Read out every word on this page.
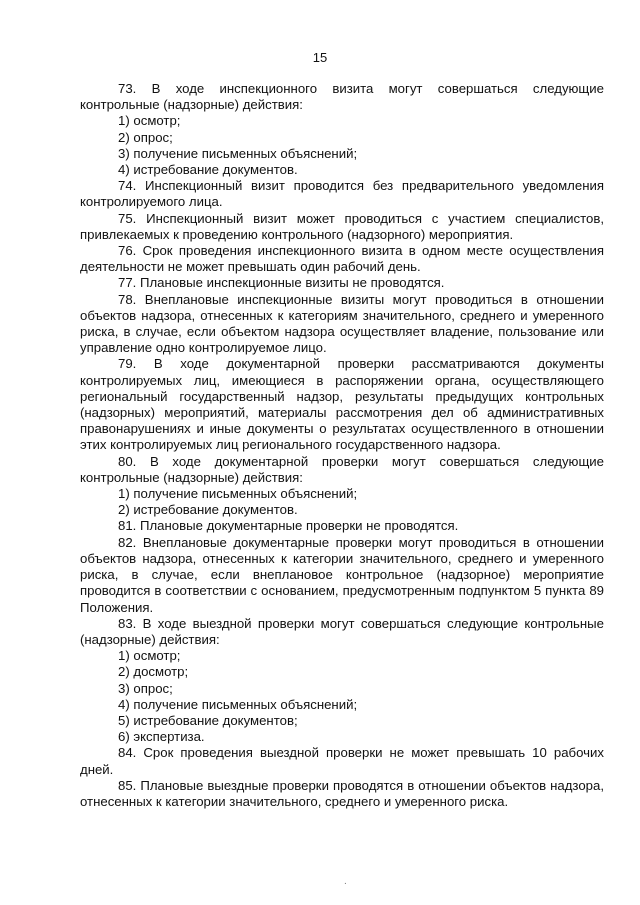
15

73. В ходе инспекционного визита могут совершаться следующие контрольные (надзорные) действия:

1) осмотр;

2) опрос;

3) получение письменных объяснений;

4) истребование документов.

74. Инспекционный визит проводится без предварительного уведомления контролируемого лица.

75. Инспекционный визит может проводиться с участием специалистов, привлекаемых к проведению контрольного (надзорного) мероприятия.

76. Срок проведения инспекционного визита в одном месте осуществления деятельности не может превышать один рабочий день.

77. Плановые инспекционные визиты не проводятся.

78. Внеплановые инспекционные визиты могут проводиться в отношении объектов надзора, отнесенных к категориям значительного, среднего и умеренного риска, в случае, если объектом надзора осуществляет владение, пользование или управление одно контролируемое лицо.

79. В ходе документарной проверки рассматриваются документы контролируемых лиц, имеющиеся в распоряжении органа, осуществляющего региональный государственный надзор, результаты предыдущих контрольных (надзорных) мероприятий, материалы рассмотрения дел об административных правонарушениях и иные документы о результатах осуществленного в отношении этих контролируемых лиц регионального государственного надзора.

80. В ходе документарной проверки могут совершаться следующие контрольные (надзорные) действия:

1) получение письменных объяснений;

2) истребование документов.

81. Плановые документарные проверки не проводятся.

82. Внеплановые документарные проверки могут проводиться в отношении объектов надзора, отнесенных к категории значительного, среднего и умеренного риска, в случае, если внеплановое контрольное (надзорное) мероприятие проводится в соответствии с основанием, предусмотренным подпунктом 5 пункта 89 Положения.

83. В ходе выездной проверки могут совершаться следующие контрольные (надзорные) действия:

1) осмотр;

2) досмотр;

3) опрос;

4) получение письменных объяснений;

5) истребование документов;

6) экспертиза.

84. Срок проведения выездной проверки не может превышать 10 рабочих дней.

85. Плановые выездные проверки проводятся в отношении объектов надзора, отнесенных к категории значительного, среднего и умеренного риска.

.
